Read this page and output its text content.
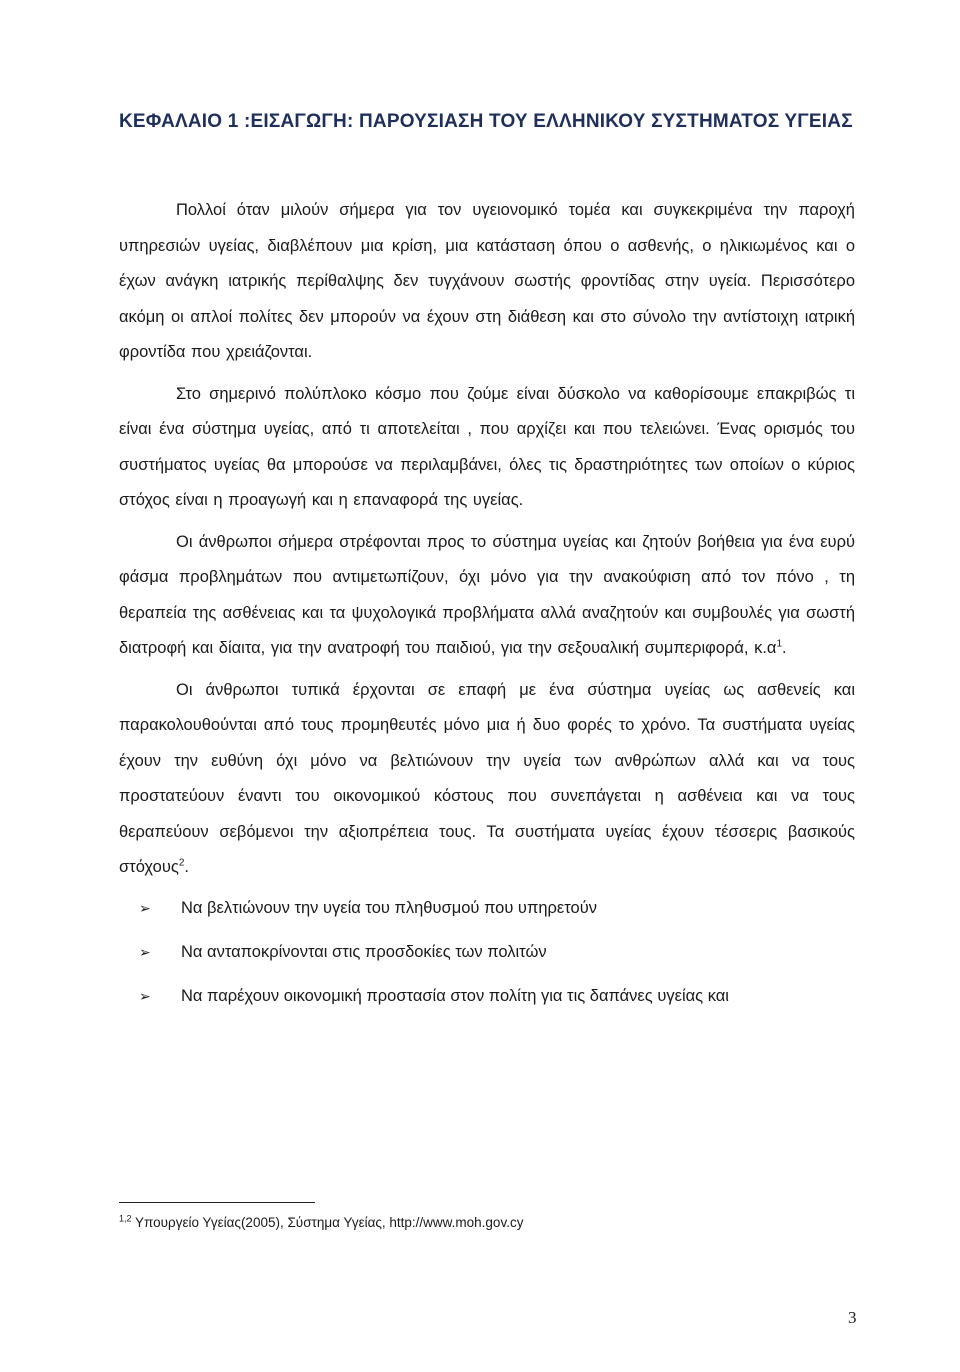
ΚΕΦΑΛΑΙΟ 1 :ΕΙΣΑΓΩΓΗ: ΠΑΡΟΥΣΙΑΣΗ ΤΟΥ ΕΛΛΗΝΙΚΟΥ ΣΥΣΤΗΜΑΤΟΣ ΥΓΕΙΑΣ

Πολλοί όταν μιλούν σήμερα για τον υγειονομικό τομέα και συγκεκριμένα την παροχή υπηρεσιών υγείας, διαβλέπουν μια κρίση, μια κατάσταση όπου ο ασθενής, ο ηλικιωμένος και ο έχων ανάγκη ιατρικής περίθαλψης δεν τυγχάνουν σωστής φροντίδας στην υγεία. Περισσότερο ακόμη οι απλοί πολίτες δεν μπορούν να έχουν στη διάθεση και στο σύνολο την αντίστοιχη ιατρική φροντίδα που χρειάζονται.

Στο σημερινό πολύπλοκο κόσμο που ζούμε είναι δύσκολο να καθορίσουμε επακριβώς τι είναι ένα σύστημα υγείας, από τι αποτελείται , που αρχίζει και που τελειώνει. Ένας ορισμός του συστήματος υγείας θα μπορούσε να περιλαμβάνει, όλες τις δραστηριότητες των οποίων ο κύριος στόχος είναι η προαγωγή και η επαναφορά της υγείας.

Οι άνθρωποι σήμερα στρέφονται προς το σύστημα υγείας και ζητούν βοήθεια για ένα ευρύ φάσμα προβλημάτων που αντιμετωπίζουν, όχι μόνο για την ανακούφιση από τον πόνο , τη θεραπεία της ασθένειας και τα ψυχολογικά προβλήματα αλλά αναζητούν και συμβουλές για σωστή διατροφή και δίαιτα, για την ανατροφή του παιδιού, για την σεξουαλική συμπεριφορά, $\kappa.\alpha^1$.

Οι άνθρωποι τυπικά έρχονται σε επαφή με ένα σύστημα υγείας ως ασθενείς και παρακολουθούνται από τους προμηθευτές μόνο μια ή δυο φορές το χρόνο. Τα συστήματα υγείας έχουν την ευθύνη όχι μόνο να βελτιώνουν την υγεία των ανθρώπων αλλά και να τους προστατεύουν έναντι του οικονομικού κόστους που συνεπάγεται η ασθένεια και να τους θεραπεύουν σεβόμενοι την αξιοπρέπεια τους. Τα συστήματα υγείας έχουν τέσσερις βασικούς στόχους$^2$.

➢	Να βελτιώνουν την υγεία του πληθυσμού που υπηρετούν
➢	Να ανταποκρίνονται στις προσδοκίες των πολιτών
➢	Να παρέχουν οικονομική προστασία στον πολίτη για τις δαπάνες υγείας και
$^{1,2}$ Υπουργείο Υγείας(2005), Σύστημα Υγείας, http://www.moh.gov.cy
3
